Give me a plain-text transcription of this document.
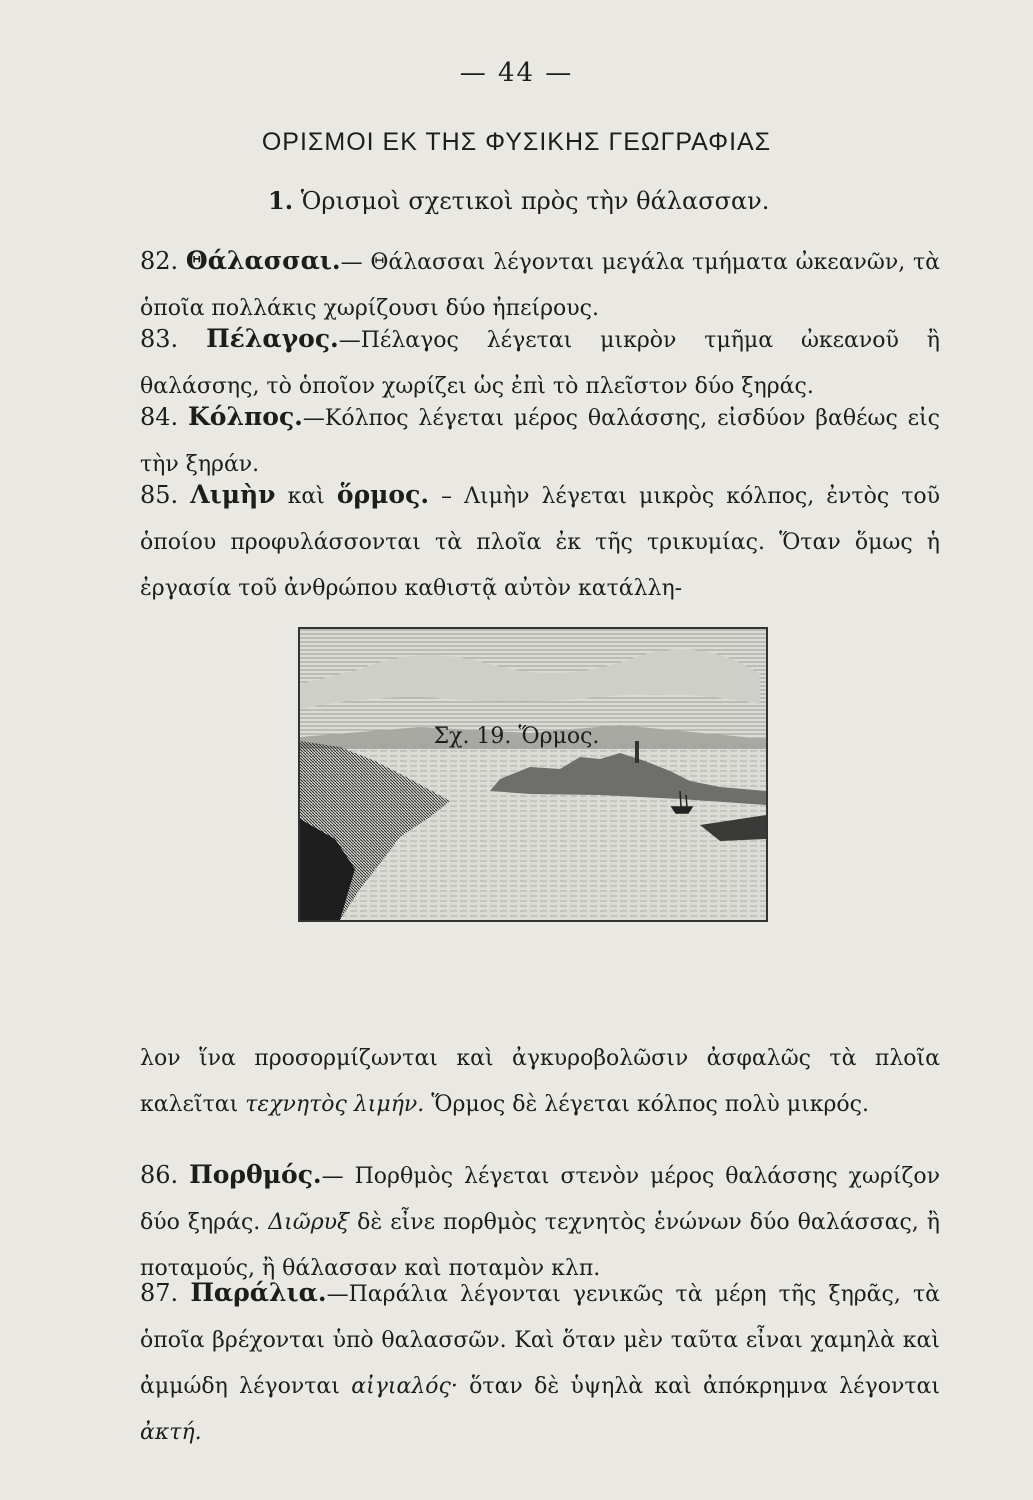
— 44 —
ΟΡΙΣΜΟΙ ΕΚ ΤΗΣ ΦΥΣΙΚΗΣ ΓΕΩΓΡΑΦΙΑΣ
1. Ὁρισμοὶ σχετικοὶ πρὸς τὴν θάλασσαν.

82. Θάλασσαι.— Θάλασσαι λέγονται μεγάλα τμήματα ὠκεανῶν, τὰ ὁποῖα πολλάκις χωρίζουσι δύο ἠπείρους.

83. Πέλαγος.—Πέλαγος λέγεται μικρὸν τμῆμα ὠκεανοῦ ἢ θαλάσσης, τὸ ὁποῖον χωρίζει ὡς ἐπὶ τὸ πλεῖστον δύο ξηράς.

84. Κόλπος.—Κόλπος λέγεται μέρος θαλάσσης, εἰσδύον βαθέως εἰς τὴν ξηράν.

85. Λιμὴν καὶ ὅρμος. – Λιμὴν λέγεται μικρὸς κόλπος, ἐντὸς τοῦ ὁποίου προφυλάσσονται τὰ πλοῖα ἐκ τῆς τρικυμίας. Ὅταν ὅμως ἡ ἐργασία τοῦ ἀνθρώπου καθιστᾷ αὐτὸν κατάλλη-

Σχ. 19. Ὅρμος.

λον ἵνα προσορμίζωνται καὶ ἀγκυροβολῶσιν ἀσφαλῶς τὰ πλοῖα καλεῖται τεχνητὸς λιμήν. Ὅρμος δὲ λέγεται κόλπος πολὺ μικρός.

86. Πορθμός.— Πορθμὸς λέγεται στενὸν μέρος θαλάσσης χωρίζον δύο ξηράς. Διῶρυξ δὲ εἶνε πορθμὸς τεχνητὸς ἑνώνων δύο θαλάσσας, ἢ ποταμούς, ἢ θάλασσαν καὶ ποταμὸν κλπ.

87. Παράλια.—Παράλια λέγονται γενικῶς τὰ μέρη τῆς ξηρᾶς, τὰ ὁποῖα βρέχονται ὑπὸ θαλασσῶν. Καὶ ὅταν μὲν ταῦτα εἶναι χαμηλὰ καὶ ἀμμώδη λέγονται αἰγιαλός· ὅταν δὲ ὑψηλὰ καὶ ἀπόκρημνα λέγονται ἀκτή.
